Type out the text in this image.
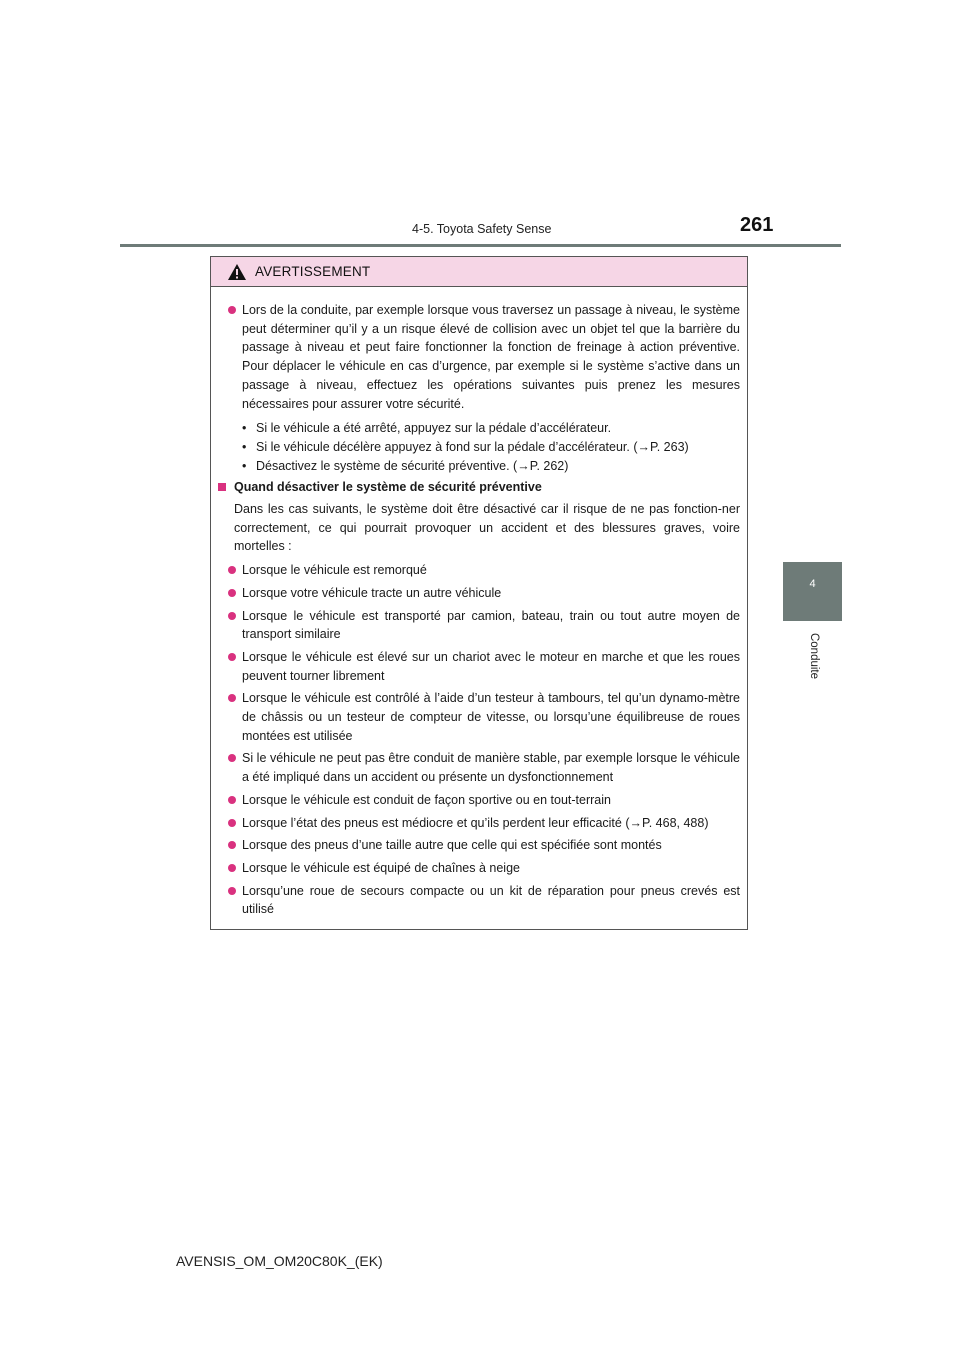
4-5. Toyota Safety Sense	261
4
Conduite
AVERTISSEMENT
Lors de la conduite, par exemple lorsque vous traversez un passage à niveau, le système peut déterminer qu’il y a un risque élevé de collision avec un objet tel que la barrière du passage à niveau et peut faire fonctionner la fonction de freinage à action préventive. Pour déplacer le véhicule en cas d’urgence, par exemple si le système s’active dans un passage à niveau, effectuez les opérations suivantes puis prenez les mesures nécessaires pour assurer votre sécurité.
• Si le véhicule a été arrêté, appuyez sur la pédale d’accélérateur.
• Si le véhicule décélère appuyez à fond sur la pédale d’accélérateur. (→P. 263)
• Désactivez le système de sécurité préventive. (→P. 262)
Quand désactiver le système de sécurité préventive
Dans les cas suivants, le système doit être désactivé car il risque de ne pas fonction-ner correctement, ce qui pourrait provoquer un accident et des blessures graves, voire mortelles :
Lorsque le véhicule est remorqué
Lorsque votre véhicule tracte un autre véhicule
Lorsque le véhicule est transporté par camion, bateau, train ou tout autre moyen de transport similaire
Lorsque le véhicule est élevé sur un chariot avec le moteur en marche et que les roues peuvent tourner librement
Lorsque le véhicule est contrôlé à l’aide d’un testeur à tambours, tel qu’un dynamo-mètre de châssis ou un testeur de compteur de vitesse, ou lorsqu’une équilibreuse de roues montées est utilisée
Si le véhicule ne peut pas être conduit de manière stable, par exemple lorsque le véhicule a été impliqué dans un accident ou présente un dysfonctionnement
Lorsque le véhicule est conduit de façon sportive ou en tout-terrain
Lorsque l’état des pneus est médiocre et qu’ils perdent leur efficacité (→P. 468, 488)
Lorsque des pneus d’une taille autre que celle qui est spécifiée sont montés
Lorsque le véhicule est équipé de chaînes à neige
Lorsqu’une roue de secours compacte ou un kit de réparation pour pneus crevés est utilisé
AVENSIS_OM_OM20C80K_(EK)
